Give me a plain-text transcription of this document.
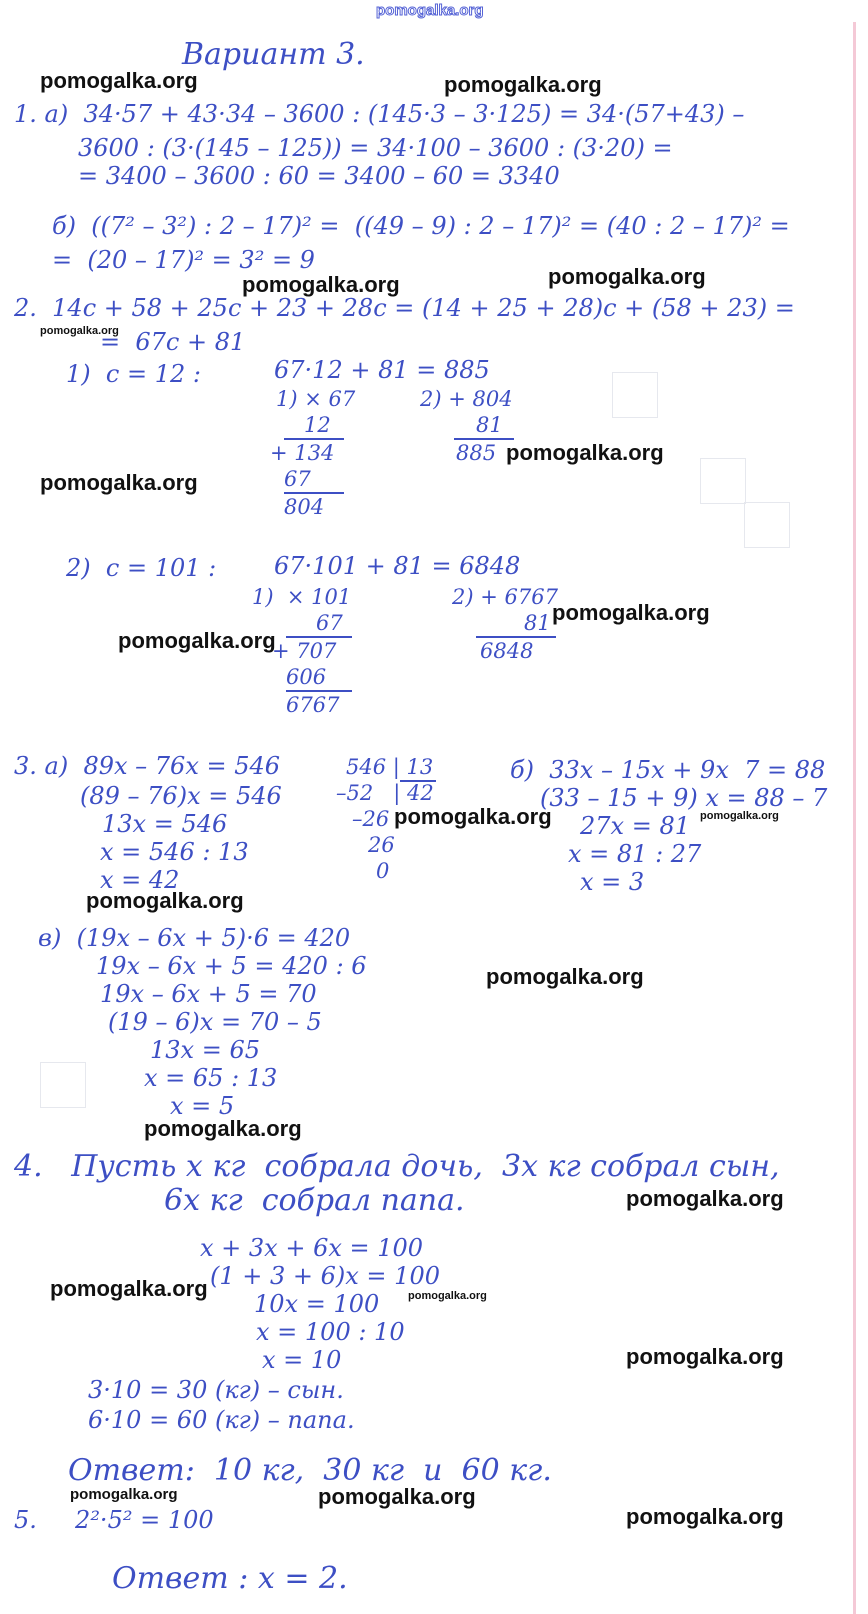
pomogalka.org
Вариант 3.
1. а)  34·57 + 43·34 – 3600 : (145·3 – 3·125) = 34·(57+43) –
3600 : (3·(145 – 125)) = 34·100 – 3600 : (3·20) =
= 3400 – 3600 : 60 = 3400 – 60 = 3340
б)  ((7² – 3²) : 2 – 17)² =  ((49 – 9) : 2 – 17)² = (40 : 2 – 17)² =
=  (20 – 17)² = 3² = 9
2.  14c + 58 + 25c + 23 + 28c = (14 + 25 + 28)c + (58 + 23) =
=  67c + 81
1)  c = 12 :	67·12 + 81 = 885
1) × 67
12
+ 134
67
804
2) + 804
81
885
2)  c = 101 : 67·101 + 81 = 6848
1)  × 101
67
+ 707
606
6767
2) + 6767
81
6848
3. а)  89x – 76x = 546
(89 – 76)x = 546
13x = 546
x = 546 : 13
x = 42
546 | 13
–52   | 42
–26
26
0
б)  33x – 15x + 9x  7 = 88
(33 – 15 + 9) x = 88 – 7
27x = 81
x = 81 : 27
x = 3
в)  (19x – 6x + 5)·6 = 420
19x – 6x + 5 = 420 : 6
19x – 6x + 5 = 70
(19 – 6)x = 70 – 5
13x = 65
x = 65 : 13
x = 5
4.   Пусть x кг  собрала дочь,  3x кг собрал сын,
6x кг  собрал папа.
x + 3x + 6x = 100
(1 + 3 + 6)x = 100
10x = 100
x = 100 : 10
x = 10
3·10 = 30 (кг) – сын.
6·10 = 60 (кг) – папа.
Ответ:  10 кг,  30 кг  и  60 кг.
5.     2²·5² = 100
Ответ : x = 2.
pomogalka.org	pomogalka.org
pomogalka.org	pomogalka.org
pomogalka.org
pomogalka.org
pomogalka.org
pomogalka.org
pomogalka.org
pomogalka.org	pomogalka.org
pomogalka.org
pomogalka.org
pomogalka.org
pomogalka.org
pomogalka.org	pomogalka.org
pomogalka.org
pomogalka.org
pomogalka.org
pomogalka.org
